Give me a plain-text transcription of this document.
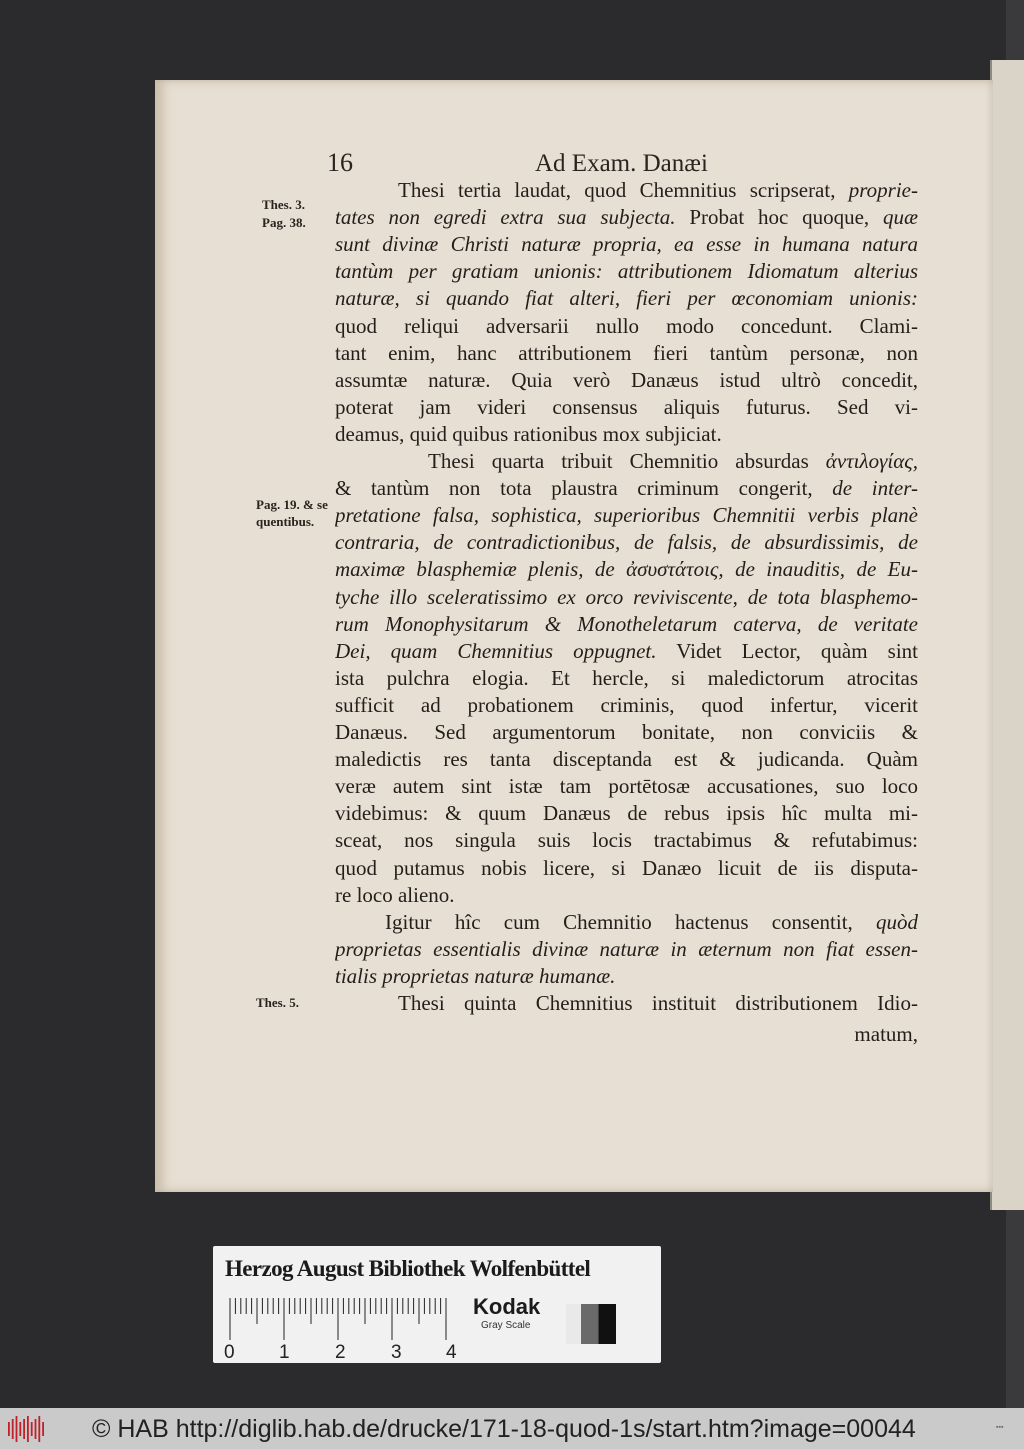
16	Ad Exam. Danæi
Thes. 3.
Pag. 38.
Pag. 19. & se
quentibus.
Thes. 5.
Thesi tertia laudat, quod Chemnitius scripserat, proprie-
tates non egredi extra sua subjecta. Probat hoc quoque, quæ
sunt divinæ Christi naturæ propria, ea esse in humana natura
tantùm per gratiam unionis: attributionem Idiomatum alterius
naturæ, si quando fiat alteri, fieri per œconomiam unionis:
quod reliqui adversarii nullo modo concedunt. Clami-
tant enim, hanc attributionem fieri tantùm personæ, non
assumtæ naturæ. Quia verò Danæus istud ultrò concedit,
poterat jam videri consensus aliquis futurus. Sed vi-
deamus, quid quibus rationibus mox subjiciat.
Thesi quarta tribuit Chemnitio absurdas ἀντιλογίας,
& tantùm non tota plaustra criminum congerit, de inter-
pretatione falsa, sophistica, superioribus Chemnitii verbis planè
contraria, de contradictionibus, de falsis, de absurdissimis, de
maximæ blasphemiæ plenis, de ἀσυστάτοις, de inauditis, de Eu-
tyche illo sceleratissimo ex orco reviviscente, de tota blasphemo-
rum Monophysitarum & Monotheletarum caterva, de veritate
Dei, quam Chemnitius oppugnet. Videt Lector, quàm sint
ista pulchra elogia. Et hercle, si maledictorum atrocitas
sufficit ad probationem criminis, quod infertur, vicerit
Danæus. Sed argumentorum bonitate, non conviciis &
maledictis res tanta disceptanda est & judicanda. Quàm
veræ autem sint istæ tam portētosæ accusationes, suo loco
videbimus: & quum Danæus de rebus ipsis hîc multa mi-
sceat, nos singula suis locis tractabimus & refutabimus:
quod putamus nobis licere, si Danæo licuit de iis disputa-
re loco alieno.
Igitur hîc cum Chemnitio hactenus consentit, quòd
proprietas essentialis divinæ naturæ in æternum non fiat essen-
tialis proprietas naturæ humanæ.
Thesi quinta Chemnitius instituit distributionem Idio-
matum,
Herzog August Bibliothek Wolfenbüttel
0 1 2 3 4
Kodak
Gray Scale
© HAB http://diglib.hab.de/drucke/171-18-quod-1s/start.htm?image=00044	▪▪▪
